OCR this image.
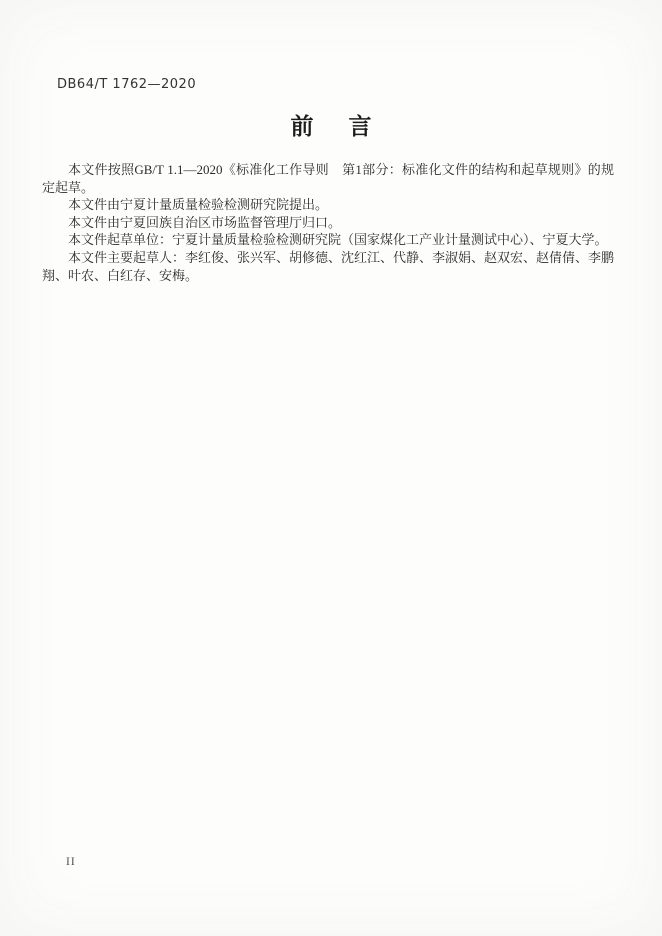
DB64/T 1762—2020
前　言

本文件按照GB/T 1.1—2020《标准化工作导则　第1部分：标准化文件的结构和起草规则》的规定起草。

本文件由宁夏计量质量检验检测研究院提出。

本文件由宁夏回族自治区市场监督管理厅归口。

本文件起草单位：宁夏计量质量检验检测研究院（国家煤化工产业计量测试中心）、宁夏大学。

本文件主要起草人：李红俊、张兴军、胡修德、沈红江、代静、李淑娟、赵双宏、赵倩倩、李鹏翔、叶农、白红存、安梅。

II
